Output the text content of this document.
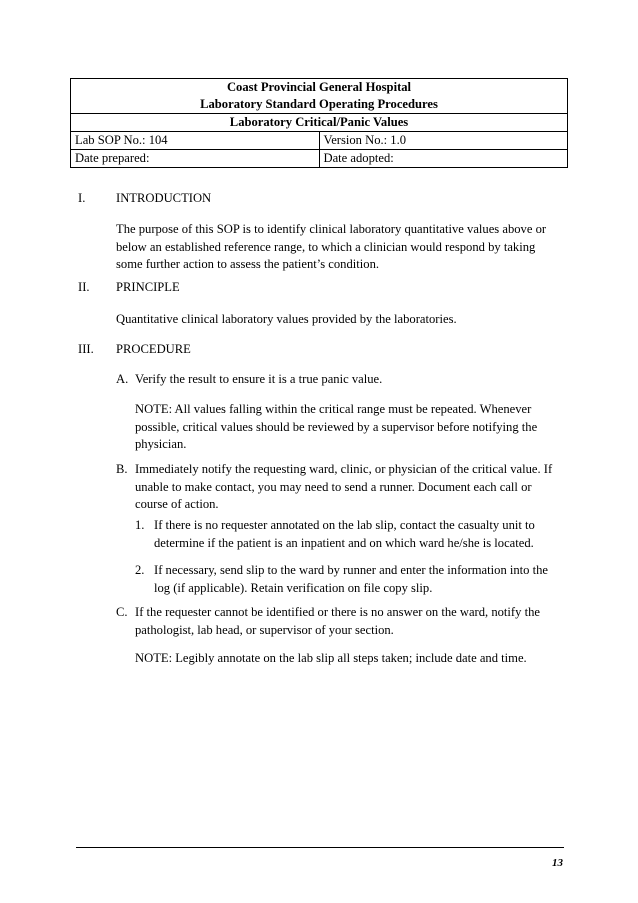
Coast Provincial General Hospital
Laboratory Standard Operating Procedures	

Laboratory Critical/Panic Values	
Lab SOP No.: 104	Version No.: 1.0
Date prepared:	Date adopted:
I. INTRODUCTION
The purpose of this SOP is to identify clinical laboratory quantitative values above or below an established reference range, to which a clinician would respond by taking some further action to assess the patient’s condition.
II. PRINCIPLE
Quantitative clinical laboratory values provided by the laboratories.
III. PROCEDURE
A. Verify the result to ensure it is a true panic value.
NOTE: All values falling within the critical range must be repeated. Whenever possible, critical values should be reviewed by a supervisor before notifying the physician.
B. Immediately notify the requesting ward, clinic, or physician of the critical value. If unable to make contact, you may need to send a runner. Document each call or course of action.
1. If there is no requester annotated on the lab slip, contact the casualty unit to determine if the patient is an inpatient and on which ward he/she is located.
2. If necessary, send slip to the ward by runner and enter the information into the log (if applicable). Retain verification on file copy slip.
C. If the requester cannot be identified or there is no answer on the ward, notify the pathologist, lab head, or supervisor of your section.
NOTE: Legibly annotate on the lab slip all steps taken; include date and time.
13
